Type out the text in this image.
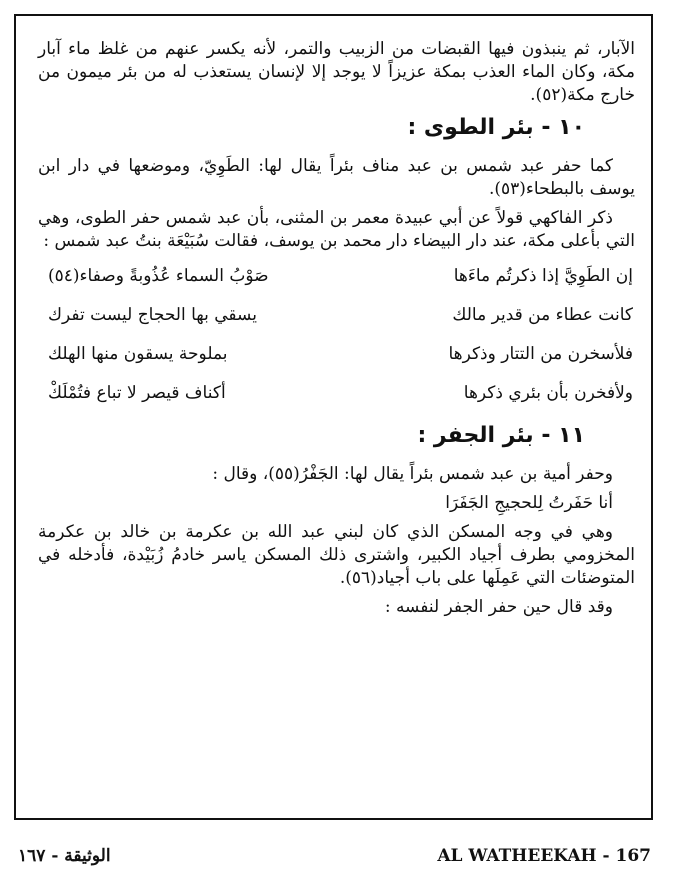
الآبار، ثم ينبذون فيها القبضات من الزبيب والتمر، لأنه يكسر عنهم من غلظ ماء آبار مكة، وكان الماء العذب بمكة عزيزاً لا يوجد إلا لإنسان يستعذب له من بئر ميمون من خارج مكة(٥٢).

١٠ - بئر الطوى :

كما حفر عبد شمس بن عبد مناف بئراً يقال لها: الطَوِيّ، وموضعها في دار ابن يوسف بالبطحاء(٥٣).

ذكر الفاكهي قولاً عن أبي عبيدة معمر بن المثنى، بأن عبد شمس حفر الطوى، وهي التي بأعلى مكة، عند دار البيضاء دار محمد بن يوسف، فقالت سُبَيْعَة بنتُ عبد شمس :

إن الطَوِيَّ إذا ذكرتُم ماءَها
صَوْبُ السماء عُذُوبةً وصفاء(٥٤)
كانت عطاء من قدير مالك
يسقي بها الحجاج ليست تفرك
فلأسخرن من التتار وذكرها
بملوحة يسقون منها الهلك
ولأفخرن بأن بئري ذكرها
أكناف قيصر لا تباع فتُمْلَكْ
١١ - بئر الجفر :

وحفر أمية بن عبد شمس بئراً يقال لها: الجَفْرُ(٥٥)، وقال :

أنا حَفَرتُ لِلحجيجِ الجَفَرَا

وهي في وجه المسكن الذي كان لبني عبد الله بن عكرمة بن خالد بن عكرمة المخزومي بطرف أجياد الكبير، واشترى ذلك المسكن ياسر خادمُ زُبَيْدة، فأدخله في المتوضئات التي عَمِلَها على باب أجياد(٥٦).

وقد قال حين حفر الجفر لنفسه :

الوثيقة - ١٦٧	AL WATHEEKAH - 167
